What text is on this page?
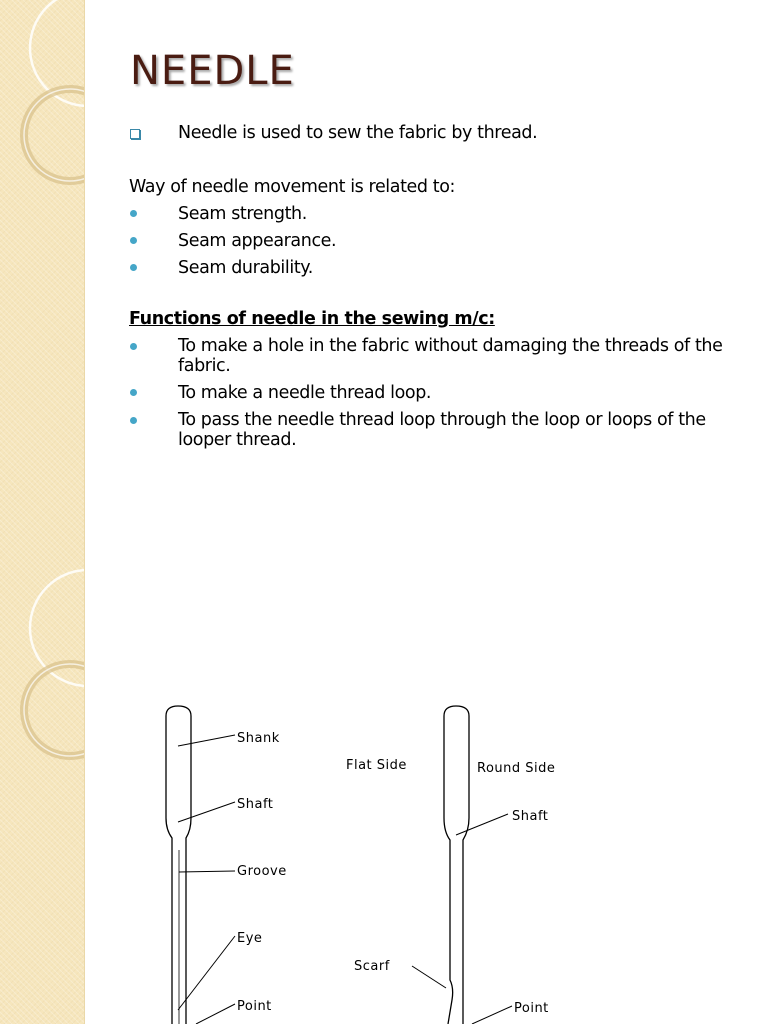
NEEDLE
Needle is used to sew the fabric by thread.
Way of needle movement is related to:
Seam strength.
Seam appearance.
Seam durability.
Functions of needle in the sewing m/c:
To make a hole in the fabric without damaging the threads of the fabric.
To make a needle thread loop.
To pass the needle thread loop through the loop or loops of the looper thread.
Shank
Shaft
Groove
Eye
Point
Flat Side	Round Side
Shaft
Scarf
Point
